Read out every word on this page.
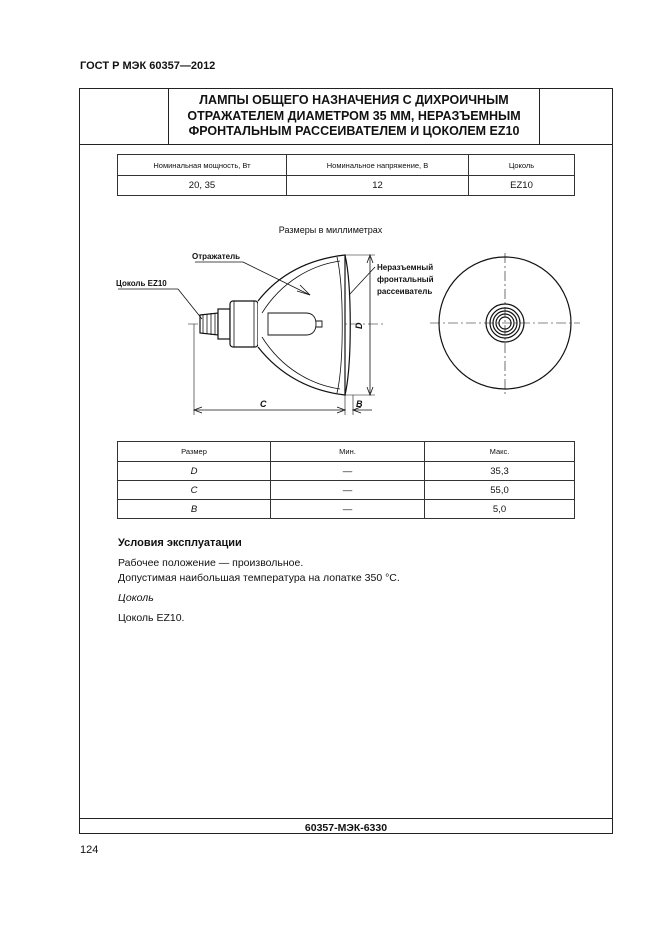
ГОСТ Р МЭК 60357—2012
ЛАМПЫ ОБЩЕГО НАЗНАЧЕНИЯ С ДИХРОИЧНЫМ
ОТРАЖАТЕЛЕМ ДИАМЕТРОМ 35 ММ, НЕРАЗЪЕМНЫМ
ФРОНТАЛЬНЫМ РАССЕИВАТЕЛЕМ И ЦОКОЛЕМ EZ10
Номинальная мощность, Вт	Номинальное напряжение, В	Цоколь
20, 35	12	EZ10
Размеры в миллиметрах
Отражатель
Цоколь EZ10
Неразъемный
фронтальный
рассеиватель
D
C	B
Размер	Мин.	Макс.
D	—	35,3
C	—	55,0
B	—	5,0
Условия эксплуатации
Рабочее положение — произвольное.
Допустимая наибольшая температура на лопатке 350 °С.
Цоколь
Цоколь EZ10.
60357-МЭК-6330
124
